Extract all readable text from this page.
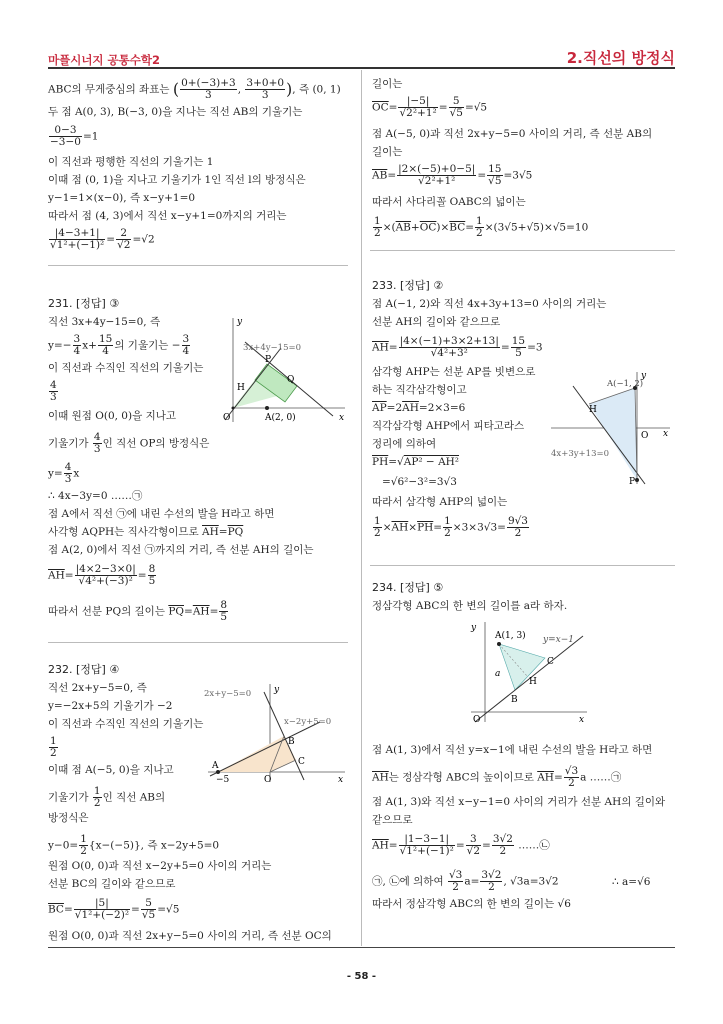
마플시너지 공통수학2	2.직선의 방정식
ABC의 무게중심의 좌표는 ( $\frac{0+(-3)+3}{3}$ , $\frac{3+0+0}{3}$ ), 즉 (0, 1)
두 점 A(0, 3), B(−3, 0)을 지나는 직선 AB의 기울기는
$\frac{0-3}{-3-0} =1$
이 직선과 평행한 직선의 기울기는 1
이때 점 (0, 1)을 지나고 기울기가 1인 직선 l의 방정식은
y−1=1×(x−0), 즉 x−y+1=0
따라서 점 (4, 3)에서 직선 x−y+1=0까지의 거리는
$\frac{|4-3+1|}{\text{√1²+(−1)²}} = \frac{2}{√2} =√2$
231. [정답] ③
직선 3x+4y−15=0, 즉
$y=- \frac{3}{4} x+ \frac{15}{4}$ 의 기울기는 − $\frac{3}{4}$
이 직선과 수직인 직선의 기울기는
$\frac{4}{3}$
이때 원점 O(0, 0)을 지나고
기울기가 $\frac{4}{3}$ 인 직선 OP의 방정식은
$y= \frac{4}{3}$ x
∴ 4x−3y=0 ……㉠
점 A에서 직선 ㉠에 내린 수선의 발을 H라고 하면
사각형 AQPH는 직사각형이므로 $\overline{AH}=\overline{PQ}$
점 A(2, 0)에서 직선 ㉠까지의 거리, 즉 선분 AH의 길이는
$\overline{AH}= \frac{|4\times 2-3\times 0|}{\text{√4²+(−3)²}} = \frac{8}{5}$
따라서 선분 PQ의 길이는 $\overline{PQ}=\overline{AH}= \frac{8}{5}$
y
x
3x+4y−15=0
O	A(2, 0)
P
Q
H
232. [정답] ④
직선 2x+y−5=0, 즉
y=−2x+5의 기울기가 −2
이 직선과 수직인 직선의 기울기는
$\frac{1}{2}$
이때 점 A(−5, 0)을 지나고
기울기가 $\frac{1}{2}$ 인 직선 AB의
방정식은
$y-0= \frac{1}{2} \{x-(-5)\}$, 즉 x−2y+5=0
원점 O(0, 0)과 직선 x−2y+5=0 사이의 거리는
선분 BC의 길이와 같으므로
$\overline{BC}= \frac{|5|}{\text{√1²+(−2)²}} = \frac{5}{√5} =√5$
원점 O(0, 0)과 직선 2x+y−5=0 사이의 거리, 즉 선분 OC의
2x+y−5=0
x−2y+5=0
y
x
O
A
−5
B
C
길이는
$\overline{OC}= \frac{|-5|}{\text{√2²+1²}} = \frac{5}{√5} =√5$
점 A(−5, 0)과 직선 2x+y−5=0 사이의 거리, 즉 선분 AB의
길이는
$\overline{AB}= \frac{|2\times(-5)+0-5|}{\text{√2²+1²}} = \frac{15}{√5} =3√5$
따라서 사다리꼴 OABC의 넓이는
$\frac{1}{2} \times(\overline{AB}+\overline{OC})\times\overline{BC}= \frac{1}{2} \times(3√5+√5)\times√5=10$
233. [정답] ②
점 A(−1, 2)와 직선 4x+3y+13=0 사이의 거리는
선분 AH의 길이와 같으므로
$\overline{AH}= \frac{|4\times(-1)+3\times 2+13|}{\text{√4²+3²}} = \frac{15}{5} =3$
삼각형 AHP는 선분 AP를 빗변으로
하는 직각삼각형이고
$\overline{AP}=2\overline{AH}=2\times 3=6$
직각삼각형 AHP에서 피타고라스
정리에 의하여
$\overline{PH}=√AP^2 - AH^2$
=√6²−3²=3√3
따라서 삼각형 AHP의 넓이는
$\frac{1}{2} \times\overline{AH}\times\overline{PH}= \frac{1}{2} \times 3\times 3√3= \frac{9√3}{2}$
A(−1, 2)
H
O
P
x
y
4x+3y+13=0
234. [정답] ⑤
정삼각형 ABC의 한 변의 길이를 a라 하자.
A(1, 3) y=x−1
a
B
C
H
O	x
y
점 A(1, 3)에서 직선 y=x−1에 내린 수선의 발을 H라고 하면
$\overline{AH}$는 정삼각형 ABC의 높이이므로 $\overline{AH}= \frac{√3}{2}$ a ……㉠
점 A(1, 3)와 직선 x−y−1=0 사이의 거리가 선분 AH의 길이와
같으므로
$\overline{AH}= \frac{|1-3-1|}{\text{√1²+(−1)²}} = \frac{3}{√2} = \frac{3√2}{2}$ ……㉡
㉠, ㉡에 의하여 $\frac{√3}{2} a= \frac{3√2}{2}$ , √3a=3√2	∴ a=√6
따라서 정삼각형 ABC의 한 변의 길이는 √6
- 58 -
